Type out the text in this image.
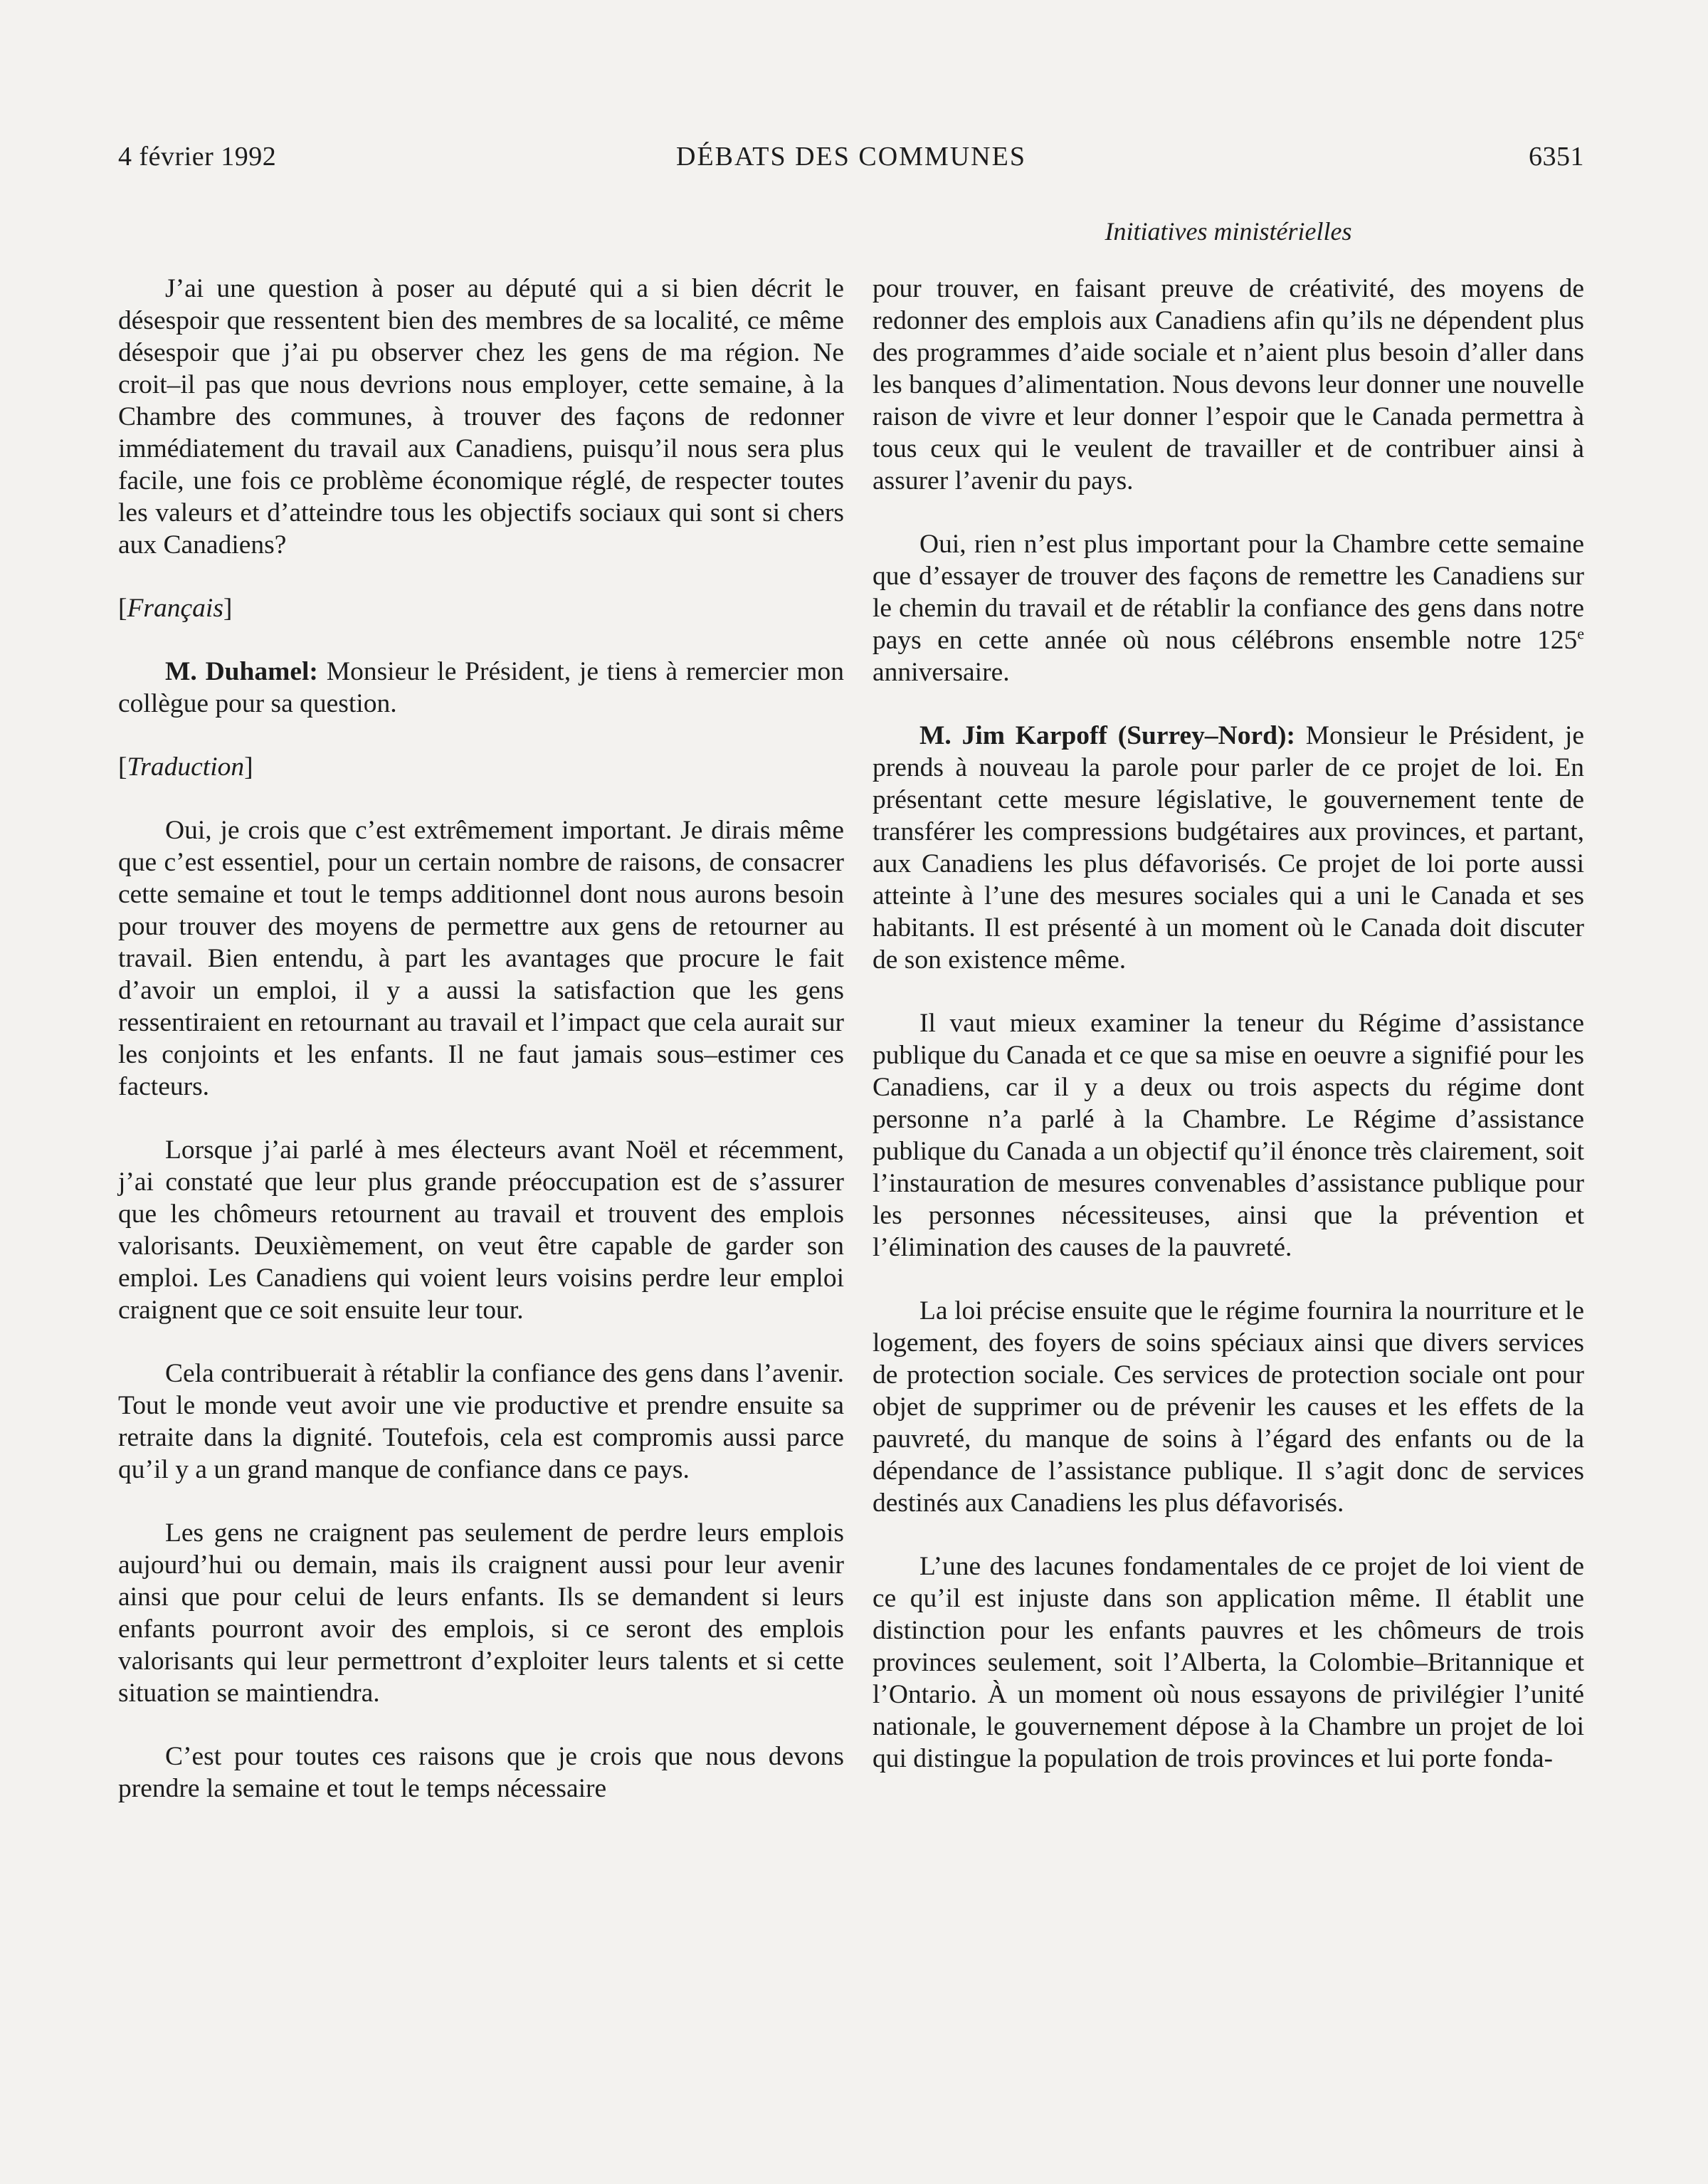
4 février 1992	DÉBATS DES COMMUNES	6351
Initiatives ministérielles

J’ai une question à poser au député qui a si bien décrit le désespoir que ressentent bien des membres de sa localité, ce même désespoir que j’ai pu observer chez les gens de ma région. Ne croit–il pas que nous devrions nous employer, cette semaine, à la Chambre des communes, à trouver des façons de redonner immédiatement du travail aux Canadiens, puisqu’il nous sera plus facile, une fois ce problème économique réglé, de respecter toutes les valeurs et d’atteindre tous les objectifs sociaux qui sont si chers aux Canadiens?

[Français]

M. Duhamel: Monsieur le Président, je tiens à remercier mon collègue pour sa question.

[Traduction]

Oui, je crois que c’est extrêmement important. Je dirais même que c’est essentiel, pour un certain nombre de raisons, de consacrer cette semaine et tout le temps additionnel dont nous aurons besoin pour trouver des moyens de permettre aux gens de retourner au travail. Bien entendu, à part les avantages que procure le fait d’avoir un emploi, il y a aussi la satisfaction que les gens ressentiraient en retournant au travail et l’impact que cela aurait sur les conjoints et les enfants. Il ne faut jamais sous–estimer ces facteurs.

Lorsque j’ai parlé à mes électeurs avant Noël et récemment, j’ai constaté que leur plus grande préoccupation est de s’assurer que les chômeurs retournent au travail et trouvent des emplois valorisants. Deuxièmement, on veut être capable de garder son emploi. Les Canadiens qui voient leurs voisins perdre leur emploi craignent que ce soit ensuite leur tour.

Cela contribuerait à rétablir la confiance des gens dans l’avenir. Tout le monde veut avoir une vie productive et prendre ensuite sa retraite dans la dignité. Toutefois, cela est compromis aussi parce qu’il y a un grand manque de confiance dans ce pays.

Les gens ne craignent pas seulement de perdre leurs emplois aujourd’hui ou demain, mais ils craignent aussi pour leur avenir ainsi que pour celui de leurs enfants. Ils se demandent si leurs enfants pourront avoir des emplois, si ce seront des emplois valorisants qui leur permettront d’exploiter leurs talents et si cette situation se maintiendra.

C’est pour toutes ces raisons que je crois que nous devons prendre la semaine et tout le temps nécessaire

pour trouver, en faisant preuve de créativité, des moyens de redonner des emplois aux Canadiens afin qu’ils ne dépendent plus des programmes d’aide sociale et n’aient plus besoin d’aller dans les banques d’alimentation. Nous devons leur donner une nouvelle raison de vivre et leur donner l’espoir que le Canada permettra à tous ceux qui le veulent de travailler et de contribuer ainsi à assurer l’avenir du pays.

Oui, rien n’est plus important pour la Chambre cette semaine que d’essayer de trouver des façons de remettre les Canadiens sur le chemin du travail et de rétablir la confiance des gens dans notre pays en cette année où nous célébrons ensemble notre 125e anniversaire.

M. Jim Karpoff (Surrey–Nord): Monsieur le Président, je prends à nouveau la parole pour parler de ce projet de loi. En présentant cette mesure législative, le gouvernement tente de transférer les compressions budgétaires aux provinces, et partant, aux Canadiens les plus défavorisés. Ce projet de loi porte aussi atteinte à l’une des mesures sociales qui a uni le Canada et ses habitants. Il est présenté à un moment où le Canada doit discuter de son existence même.

Il vaut mieux examiner la teneur du Régime d’assistance publique du Canada et ce que sa mise en oeuvre a signifié pour les Canadiens, car il y a deux ou trois aspects du régime dont personne n’a parlé à la Chambre. Le Régime d’assistance publique du Canada a un objectif qu’il énonce très clairement, soit l’instauration de mesures convenables d’assistance publique pour les personnes nécessiteuses, ainsi que la prévention et l’élimination des causes de la pauvreté.

La loi précise ensuite que le régime fournira la nourriture et le logement, des foyers de soins spéciaux ainsi que divers services de protection sociale. Ces services de protection sociale ont pour objet de supprimer ou de prévenir les causes et les effets de la pauvreté, du manque de soins à l’égard des enfants ou de la dépendance de l’assistance publique. Il s’agit donc de services destinés aux Canadiens les plus défavorisés.

L’une des lacunes fondamentales de ce projet de loi vient de ce qu’il est injuste dans son application même. Il établit une distinction pour les enfants pauvres et les chômeurs de trois provinces seulement, soit l’Alberta, la Colombie–Britannique et l’Ontario. À un moment où nous essayons de privilégier l’unité nationale, le gouvernement dépose à la Chambre un projet de loi qui distingue la population de trois provinces et lui porte fonda-
